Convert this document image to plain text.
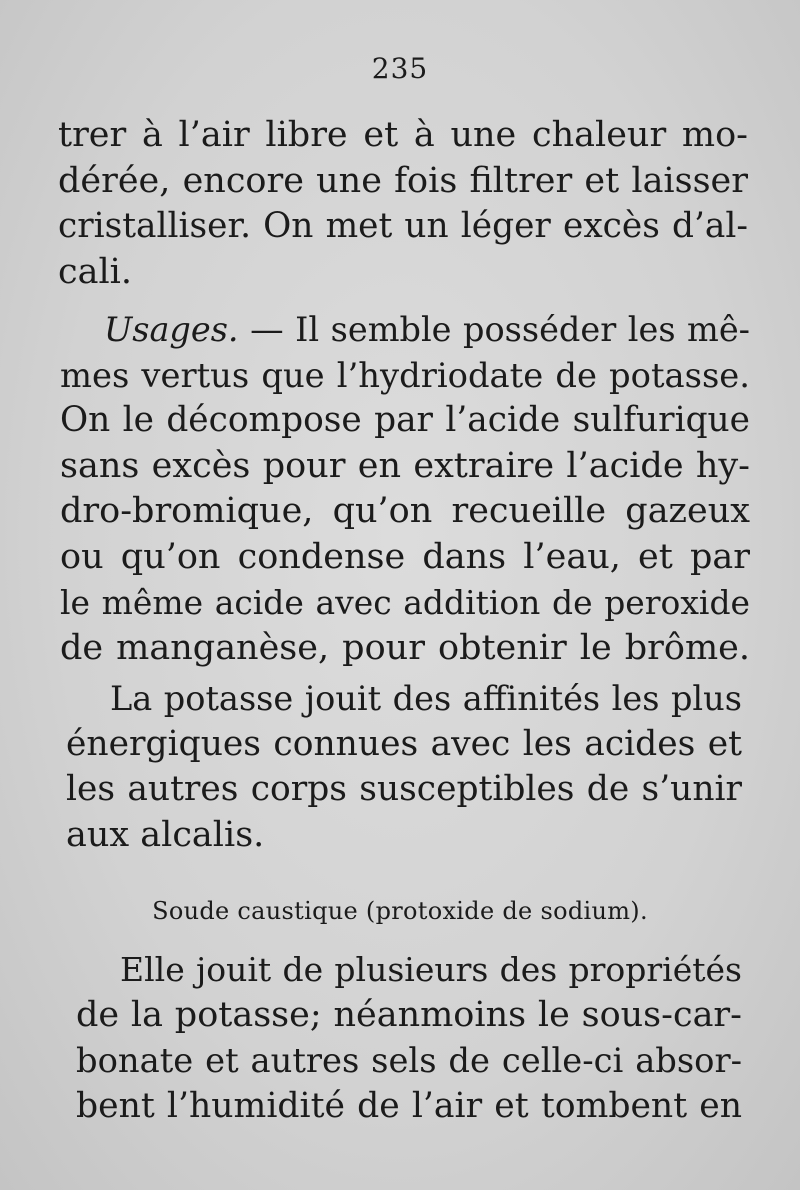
235
trer à l’air libre et à une chaleur mo-
dérée, encore une fois filtrer et laisser
cristalliser. On met un léger excès d’al-
cali.
Usages. — Il semble posséder les mê-
mes vertus que l’hydriodate de potasse.
On le décompose par l’acide sulfurique
sans excès pour en extraire l’acide hy-
dro-bromique, qu’on recueille gazeux
ou qu’on condense dans l’eau, et par
le même acide avec addition de peroxide
de manganèse, pour obtenir le brôme.
La potasse jouit des affinités les plus
énergiques connues avec les acides et
les autres corps susceptibles de s’unir
aux alcalis.
Soude caustique (protoxide de sodium).
Elle jouit de plusieurs des propriétés
de la potasse; néanmoins le sous-car-
bonate et autres sels de celle-ci absor-
bent l’humidité de l’air et tombent en
